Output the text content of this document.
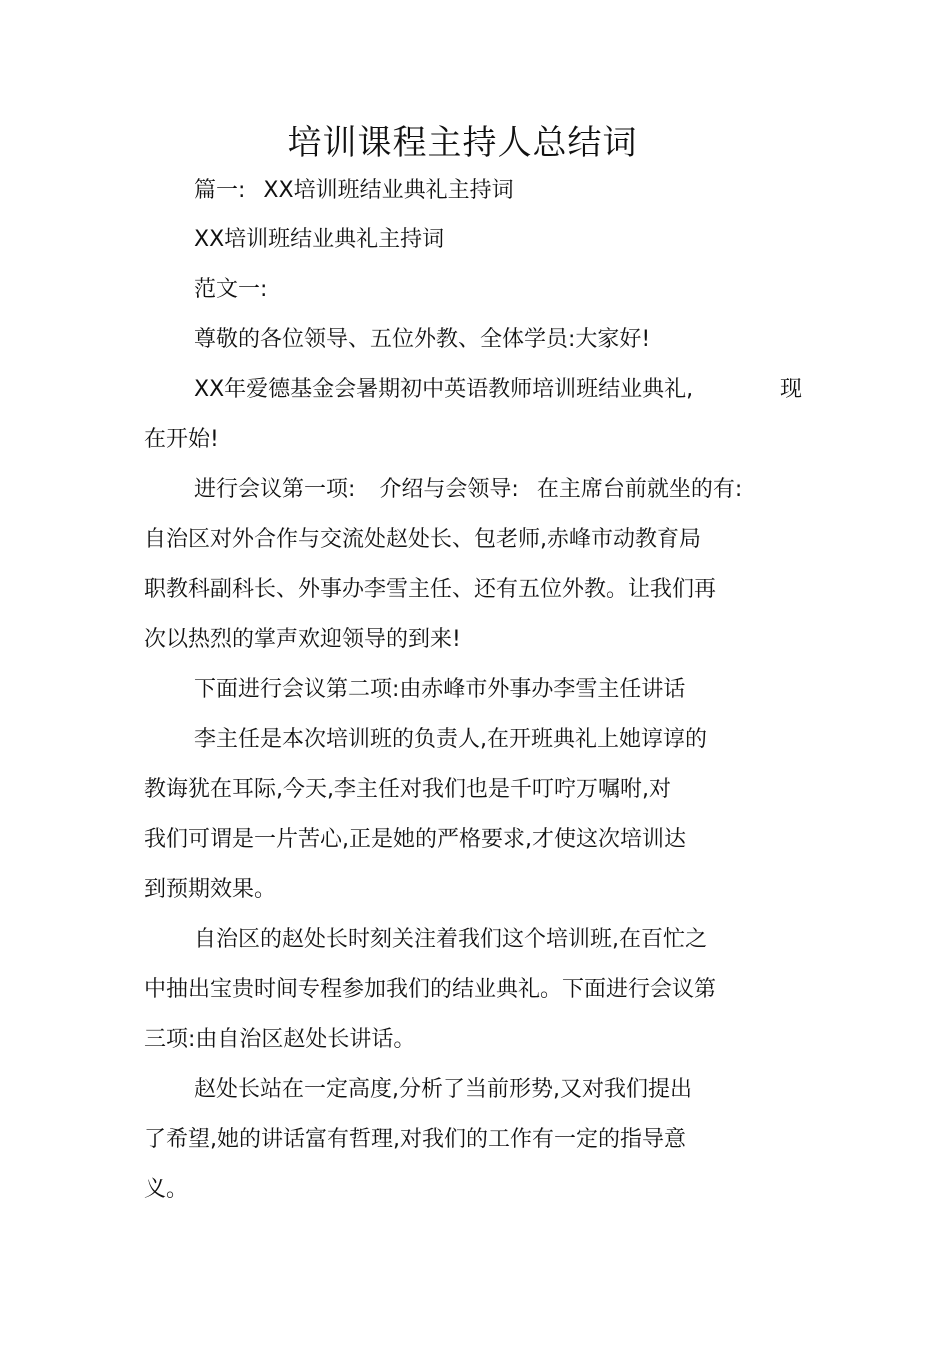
培训课程主持人总结词
篇一: XX培训班结业典礼主持词
XX培训班结业典礼主持词
范文一:
尊敬的各位领导、五位外教、全体学员:大家好!
XX年爱德基金会暑期初中英语教师培训班结业典礼,	现
在开始!
进行会议第一项: 介绍与会领导: 在主席台前就坐的有:
自治区对外合作与交流处赵处长、包老师,赤峰市动教育局
职教科副科长、外事办李雪主任、还有五位外教。让我们再
次以热烈的掌声欢迎领导的到来!
下面进行会议第二项:由赤峰市外事办李雪主任讲话
李主任是本次培训班的负责人,在开班典礼上她谆谆的
教诲犹在耳际,今天,李主任对我们也是千叮咛万嘱咐,对
我们可谓是一片苦心,正是她的严格要求,才使这次培训达
到预期效果。
自治区的赵处长时刻关注着我们这个培训班,在百忙之
中抽出宝贵时间专程参加我们的结业典礼。下面进行会议第
三项:由自治区赵处长讲话。
赵处长站在一定高度,分析了当前形势,又对我们提出
了希望,她的讲话富有哲理,对我们的工作有一定的指导意
义。
